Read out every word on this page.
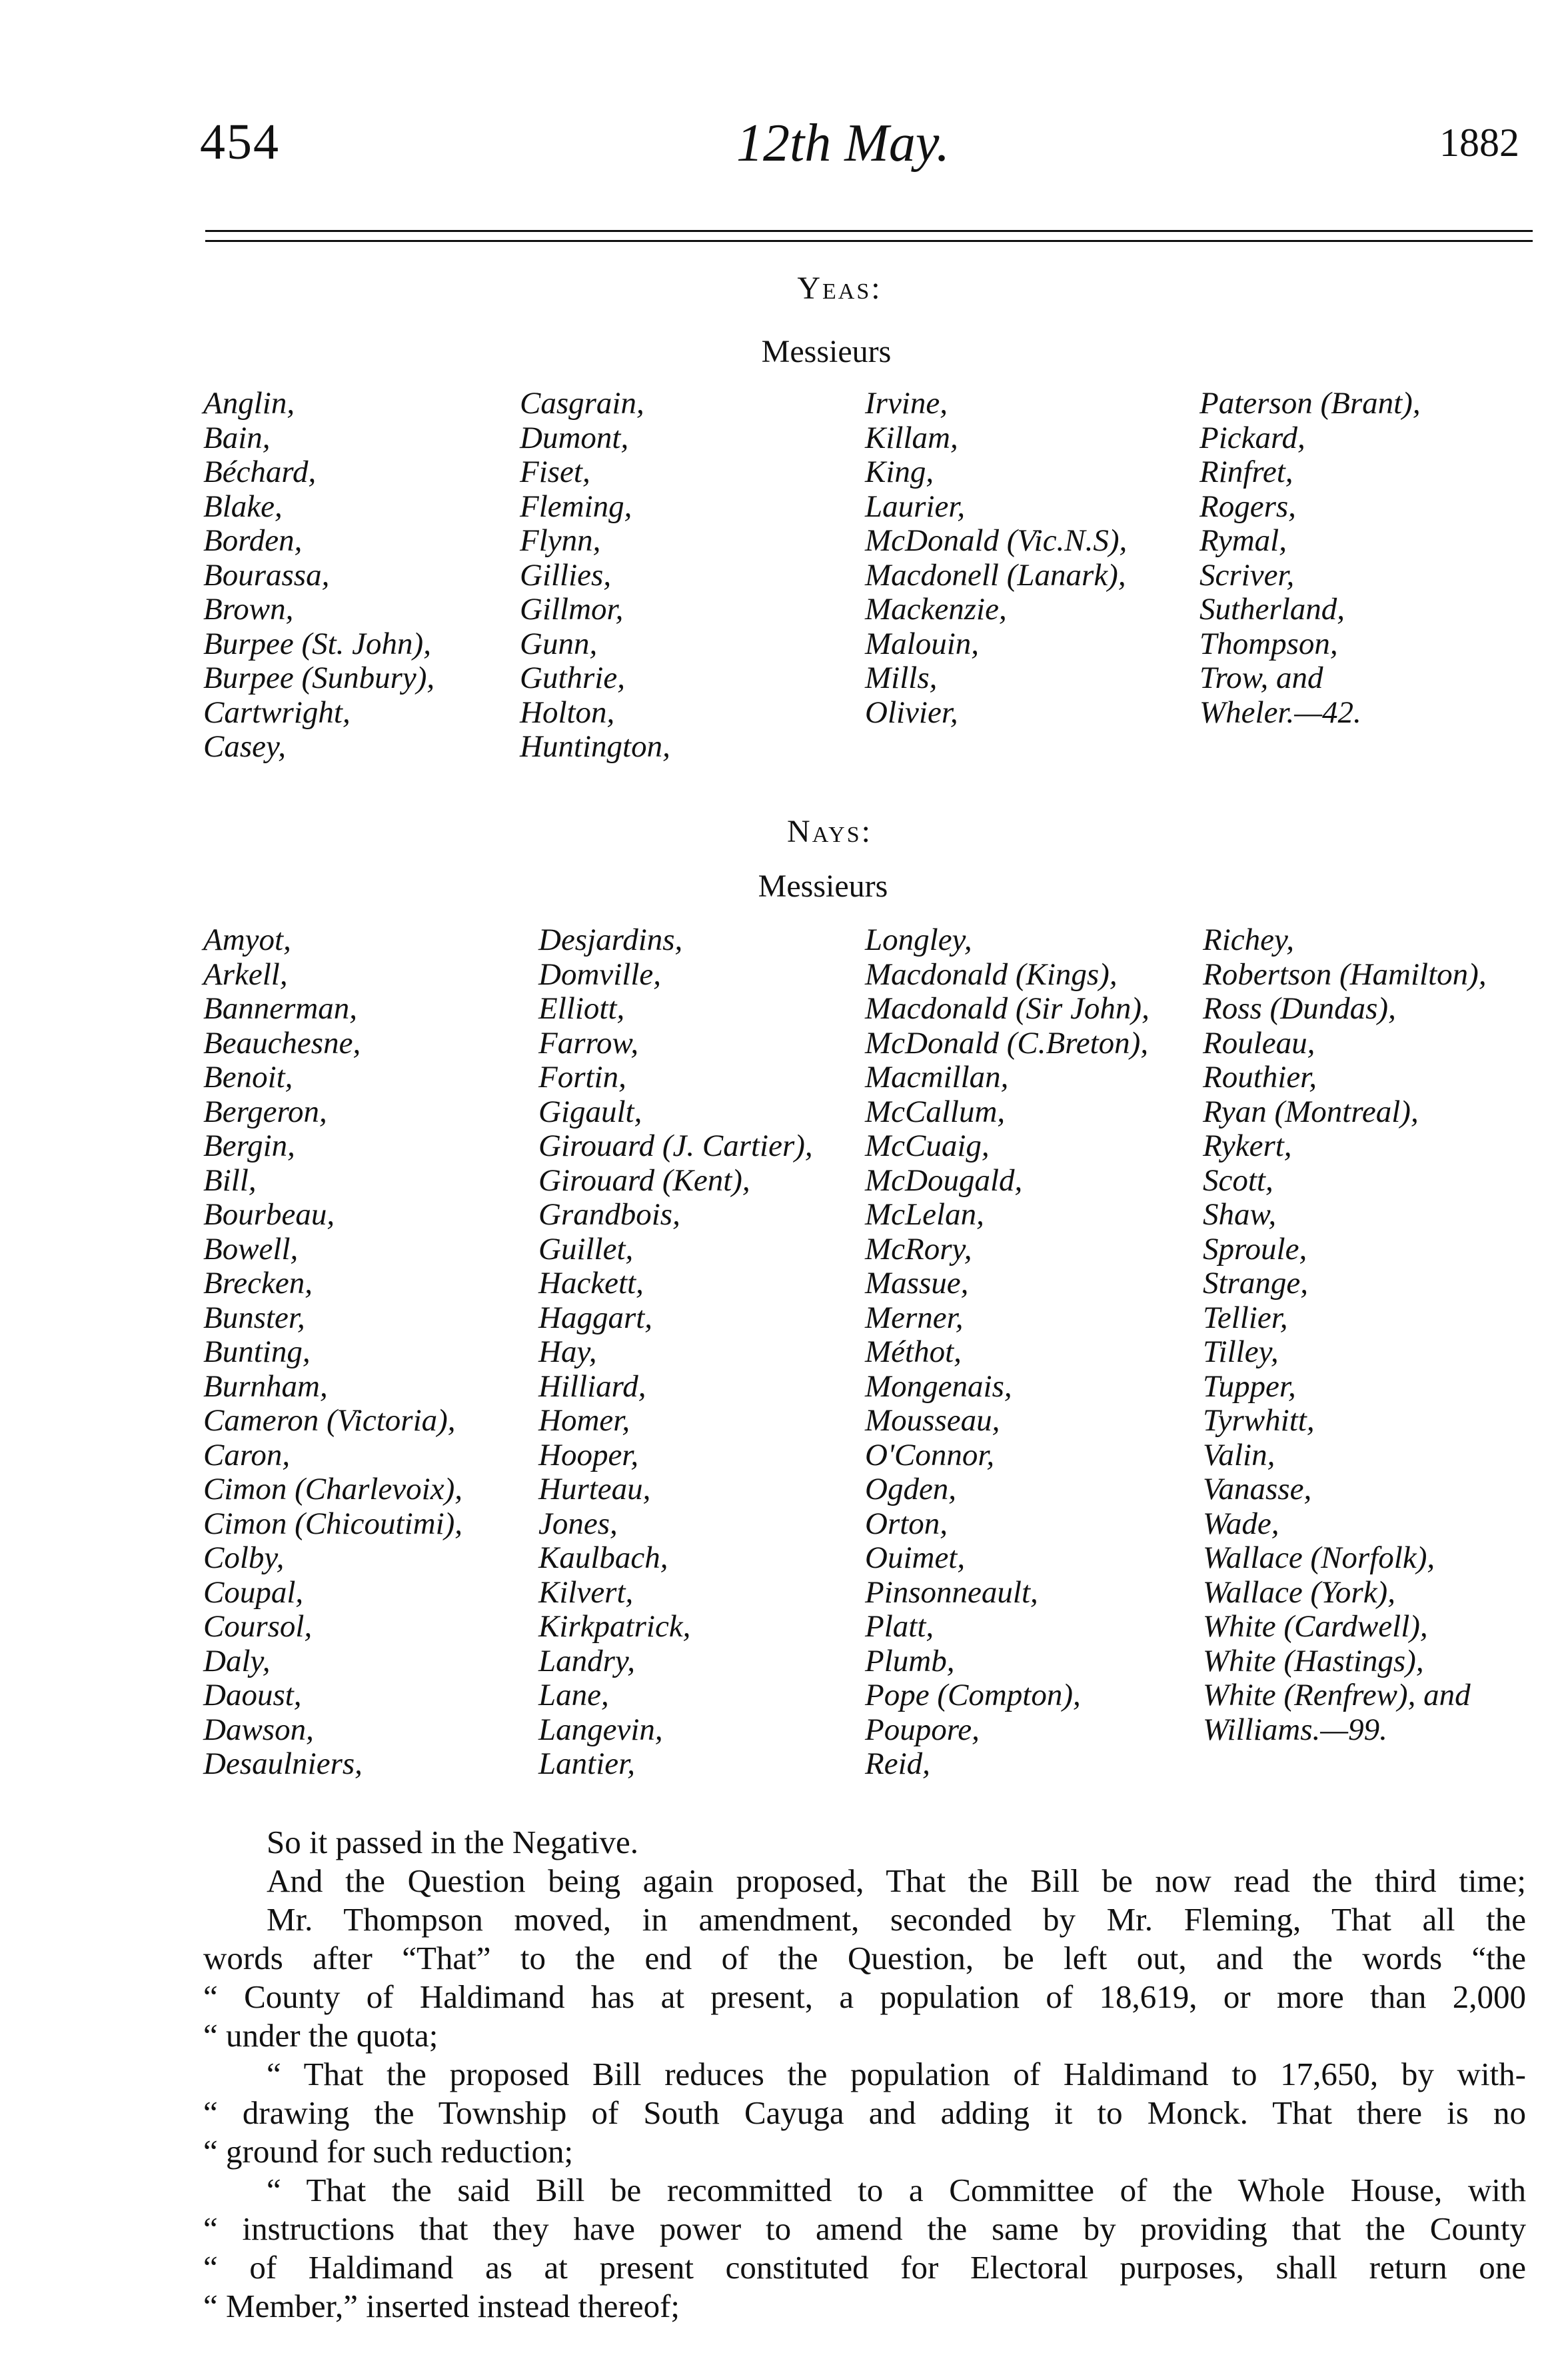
454	12th May.	1882
Yeas:
Messieurs
Anglin,
Bain,
Béchard,
Blake,
Borden,
Bourassa,
Brown,
Burpee (St. John),
Burpee (Sunbury),
Cartwright,
Casey,
Casgrain,
Dumont,
Fiset,
Fleming,
Flynn,
Gillies,
Gillmor,
Gunn,
Guthrie,
Holton,
Huntington,
Irvine,
Killam,
King,
Laurier,
McDonald (Vic.N.S),
Macdonell (Lanark),
Mackenzie,
Malouin,
Mills,
Olivier,
Paterson (Brant),
Pickard,
Rinfret,
Rogers,
Rymal,
Scriver,
Sutherland,
Thompson,
Trow, and
Wheler.—42.
Nays:
Messieurs
Amyot,
Arkell,
Bannerman,
Beauchesne,
Benoit,
Bergeron,
Bergin,
Bill,
Bourbeau,
Bowell,
Brecken,
Bunster,
Bunting,
Burnham,
Cameron (Victoria),
Caron,
Cimon (Charlevoix),
Cimon (Chicoutimi),
Colby,
Coupal,
Coursol,
Daly,
Daoust,
Dawson,
Desaulniers,
Desjardins,
Domville,
Elliott,
Farrow,
Fortin,
Gigault,
Girouard (J. Cartier),
Girouard (Kent),
Grandbois,
Guillet,
Hackett,
Haggart,
Hay,
Hilliard,
Homer,
Hooper,
Hurteau,
Jones,
Kaulbach,
Kilvert,
Kirkpatrick,
Landry,
Lane,
Langevin,
Lantier,
Longley,
Macdonald (Kings),
Macdonald (Sir John),
McDonald (C.Breton),
Macmillan,
McCallum,
McCuaig,
McDougald,
McLelan,
McRory,
Massue,
Merner,
Méthot,
Mongenais,
Mousseau,
O'Connor,
Ogden,
Orton,
Ouimet,
Pinsonneault,
Platt,
Plumb,
Pope (Compton),
Poupore,
Reid,
Richey,
Robertson (Hamilton),
Ross (Dundas),
Rouleau,
Routhier,
Ryan (Montreal),
Rykert,
Scott,
Shaw,
Sproule,
Strange,
Tellier,
Tilley,
Tupper,
Tyrwhitt,
Valin,
Vanasse,
Wade,
Wallace (Norfolk),
Wallace (York),
White (Cardwell),
White (Hastings),
White (Renfrew), and
Williams.—99.

So it passed in the Negative.

And the Question being again proposed, That the Bill be now read the third time;

Mr. Thompson moved, in amendment, seconded by Mr. Fleming, That all the

words after “That” to the end of the Question, be left out, and the words “the

“ County of Haldimand has at present, a population of 18,619, or more than 2,000

“ under the quota;

“ That the proposed Bill reduces the population of Haldimand to 17,650, by with-

“ drawing the Township of South Cayuga and adding it to Monck. That there is no

“ ground for such reduction;

“ That the said Bill be recommitted to a Committee of the Whole House, with

“ instructions that they have power to amend the same by providing that the County

“ of Haldimand as at present constituted for Electoral purposes, shall return one

“ Member,” inserted instead thereof;
